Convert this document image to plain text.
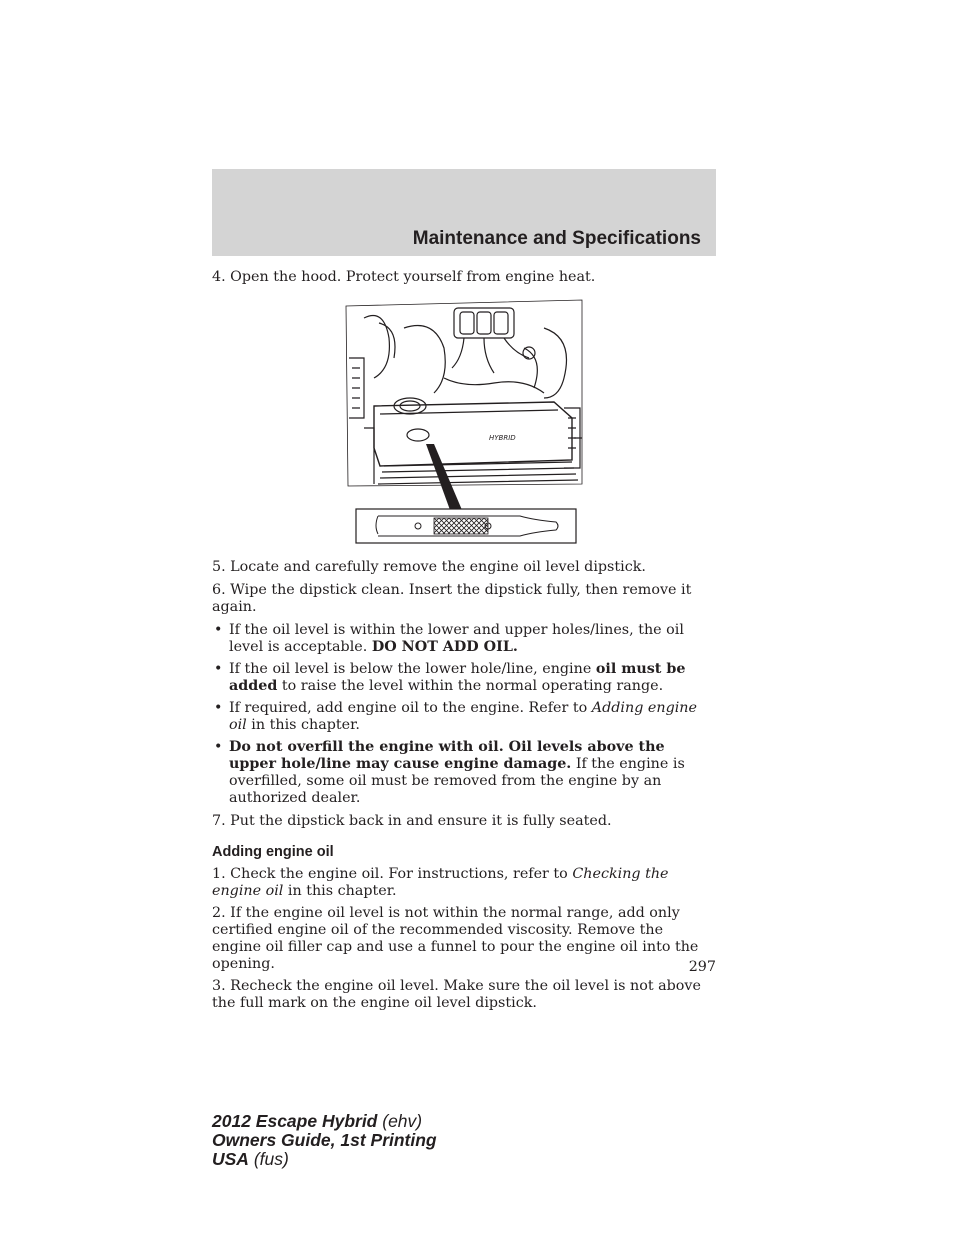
Maintenance and Specifications

4. Open the hood. Protect yourself from engine heat.

HYBRID

5. Locate and carefully remove the engine oil level dipstick.

6. Wipe the dipstick clean. Insert the dipstick fully, then remove it again.

• If the oil level is within the lower and upper holes/lines, the oil level is acceptable. DO NOT ADD OIL.
• If the oil level is below the lower hole/line, engine oil must be added to raise the level within the normal operating range.
• If required, add engine oil to the engine. Refer to Adding engine oil in this chapter.
• Do not overfill the engine with oil. Oil levels above the upper hole/line may cause engine damage. If the engine is overfilled, some oil must be removed from the engine by an authorized dealer.

7. Put the dipstick back in and ensure it is fully seated.

Adding engine oil

1. Check the engine oil. For instructions, refer to Checking the engine oil in this chapter.

2. If the engine oil level is not within the normal range, add only certified engine oil of the recommended viscosity. Remove the engine oil filler cap and use a funnel to pour the engine oil into the opening.

3. Recheck the engine oil level. Make sure the oil level is not above the full mark on the engine oil level dipstick.

297
2012 Escape Hybrid (ehv)
Owners Guide, 1st Printing
USA (fus)
